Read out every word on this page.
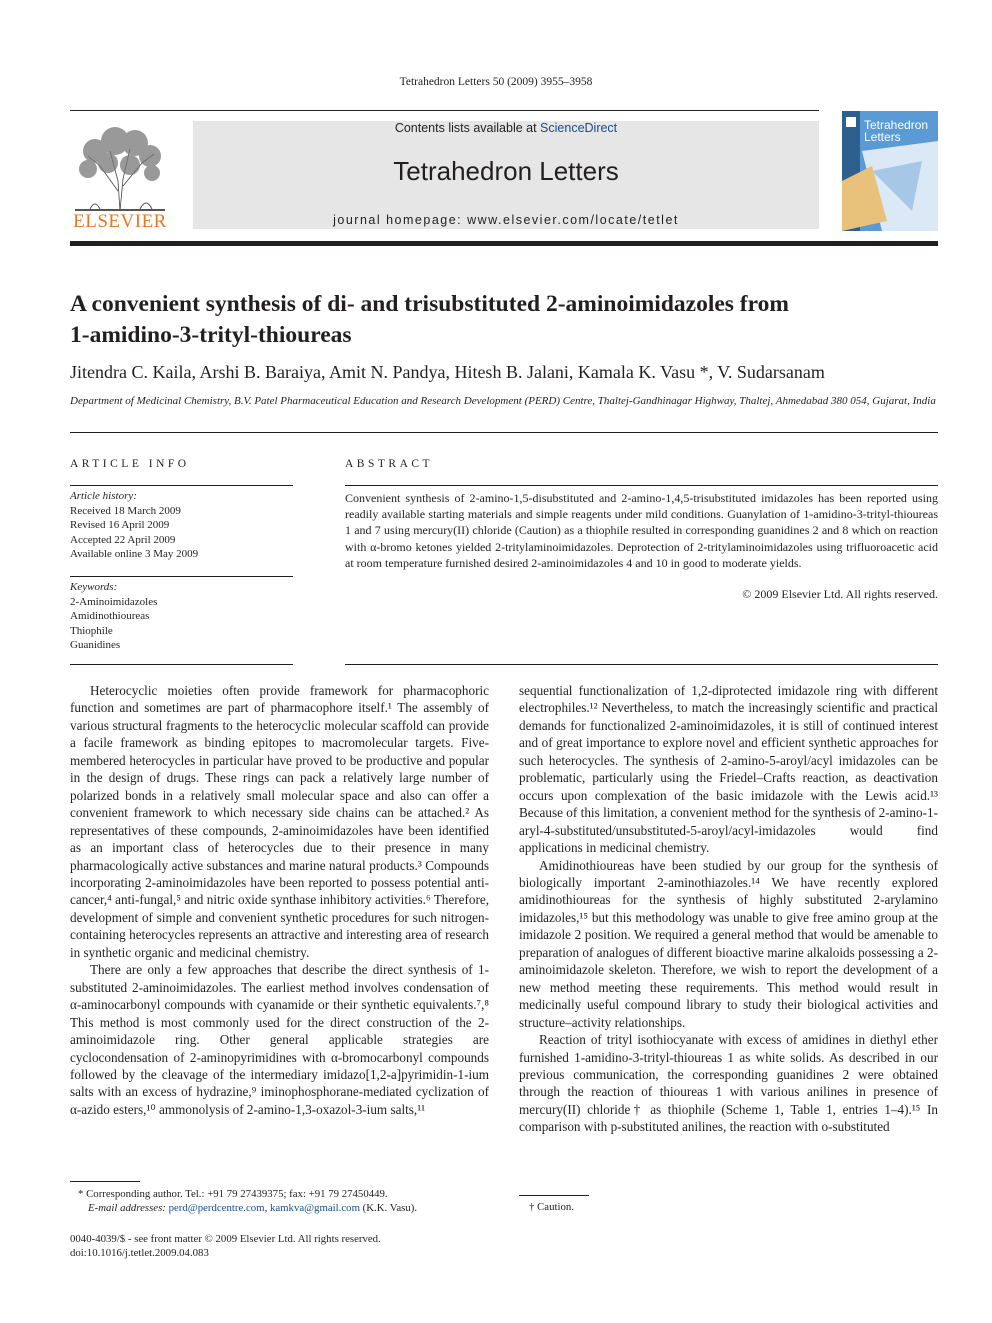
Tetrahedron Letters 50 (2009) 3955–3958
ELSEVIER
Contents lists available at ScienceDirect
Tetrahedron Letters
journal homepage: www.elsevier.com/locate/tetlet
Tetrahedron
Letters
A convenient synthesis of di- and trisubstituted 2-aminoimidazoles from
1-amidino-3-trityl-thioureas
Jitendra C. Kaila, Arshi B. Baraiya, Amit N. Pandya, Hitesh B. Jalani, Kamala K. Vasu *, V. Sudarsanam
Department of Medicinal Chemistry, B.V. Patel Pharmaceutical Education and Research Development (PERD) Centre, Thaltej-Gandhinagar Highway, Thaltej, Ahmedabad 380 054, Gujarat, India
ARTICLE INFO
Article history:
Received 18 March 2009
Revised 16 April 2009
Accepted 22 April 2009
Available online 3 May 2009
Keywords:
2-Aminoimidazoles
Amidinothioureas
Thiophile
Guanidines
ABSTRACT
Convenient synthesis of 2-amino-1,5-disubstituted and 2-amino-1,4,5-trisubstituted imidazoles has been reported using readily available starting materials and simple reagents under mild conditions. Guanylation of 1-amidino-3-trityl-thioureas 1 and 7 using mercury(II) chloride (Caution) as a thiophile resulted in corresponding guanidines 2 and 8 which on reaction with α-bromo ketones yielded 2-tritylaminoimidazoles. Deprotection of 2-tritylaminoimidazoles using trifluoroacetic acid at room temperature furnished desired 2-aminoimidazoles 4 and 10 in good to moderate yields.
© 2009 Elsevier Ltd. All rights reserved.

Heterocyclic moieties often provide framework for pharmacophoric function and sometimes are part of pharmacophore itself.¹ The assembly of various structural fragments to the heterocyclic molecular scaffold can provide a facile framework as binding epitopes to macromolecular targets. Five-membered heterocycles in particular have proved to be productive and popular in the design of drugs. These rings can pack a relatively large number of polarized bonds in a relatively small molecular space and also can offer a convenient framework to which necessary side chains can be attached.² As representatives of these compounds, 2-aminoimidazoles have been identified as an important class of heterocycles due to their presence in many pharmacologically active substances and marine natural products.³ Compounds incorporating 2-aminoimidazoles have been reported to possess potential anti-cancer,⁴ anti-fungal,⁵ and nitric oxide synthase inhibitory activities.⁶ Therefore, development of simple and convenient synthetic procedures for such nitrogen-containing heterocycles represents an attractive and interesting area of research in synthetic organic and medicinal chemistry.

There are only a few approaches that describe the direct synthesis of 1-substituted 2-aminoimidazoles. The earliest method involves condensation of α-aminocarbonyl compounds with cyanamide or their synthetic equivalents.⁷,⁸ This method is most commonly used for the direct construction of the 2-aminoimidazole ring. Other general applicable strategies are cyclocondensation of 2-aminopyrimidines with α-bromocarbonyl compounds followed by the cleavage of the intermediary imidazo[1,2-a]pyrimidin-1-ium salts with an excess of hydrazine,⁹ iminophosphorane-mediated cyclization of α-azido esters,¹⁰ ammonolysis of 2-amino-1,3-oxazol-3-ium salts,¹¹

sequential functionalization of 1,2-diprotected imidazole ring with different electrophiles.¹² Nevertheless, to match the increasingly scientific and practical demands for functionalized 2-aminoimidazoles, it is still of continued interest and of great importance to explore novel and efficient synthetic approaches for such heterocycles. The synthesis of 2-amino-5-aroyl/acyl imidazoles can be problematic, particularly using the Friedel–Crafts reaction, as deactivation occurs upon complexation of the basic imidazole with the Lewis acid.¹³ Because of this limitation, a convenient method for the synthesis of 2-amino-1-aryl-4-substituted/unsubstituted-5-aroyl/acyl-imidazoles would find applications in medicinal chemistry.

Amidinothioureas have been studied by our group for the synthesis of biologically important 2-aminothiazoles.¹⁴ We have recently explored amidinothioureas for the synthesis of highly substituted 2-arylamino imidazoles,¹⁵ but this methodology was unable to give free amino group at the imidazole 2 position. We required a general method that would be amenable to preparation of analogues of different bioactive marine alkaloids possessing a 2-aminoimidazole skeleton. Therefore, we wish to report the development of a new method meeting these requirements. This method would result in medicinally useful compound library to study their biological activities and structure–activity relationships.

Reaction of trityl isothiocyanate with excess of amidines in diethyl ether furnished 1-amidino-3-trityl-thioureas 1 as white solids. As described in our previous communication, the corresponding guanidines 2 were obtained through the reaction of thioureas 1 with various anilines in presence of mercury(II) chloride† as thiophile (Scheme 1, Table 1, entries 1–4).¹⁵ In comparison with p-substituted anilines, the reaction with o-substituted

* Corresponding author. Tel.: +91 79 27439375; fax: +91 79 27450449.
E-mail addresses: perd@perdcentre.com, kamkva@gmail.com (K.K. Vasu).
0040-4039/$ - see front matter © 2009 Elsevier Ltd. All rights reserved.
doi:10.1016/j.tetlet.2009.04.083
† Caution.
